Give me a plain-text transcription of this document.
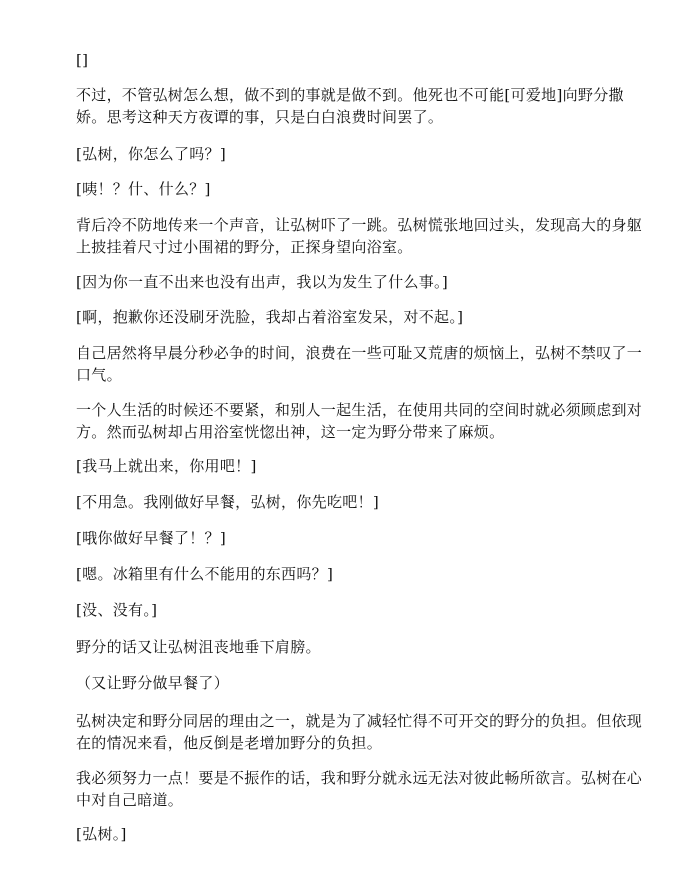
[]

不过，不管弘树怎么想，做不到的事就是做不到。他死也不可能[可爱地]向野分撒娇。思考这种天方夜谭的事，只是白白浪费时间罢了。

[弘树，你怎么了吗？]

[咦！？什、什么？]

背后冷不防地传来一个声音，让弘树吓了一跳。弘树慌张地回过头，发现高大的身躯上披挂着尺寸过小围裙的野分，正探身望向浴室。

[因为你一直不出来也没有出声，我以为发生了什么事。]

[啊，抱歉你还没刷牙洗脸，我却占着浴室发呆，对不起。]

自己居然将早晨分秒必争的时间，浪费在一些可耻又荒唐的烦恼上，弘树不禁叹了一口气。

一个人生活的时候还不要紧，和别人一起生活，在使用共同的空间时就必须顾虑到对方。然而弘树却占用浴室恍惚出神，这一定为野分带来了麻烦。

[我马上就出来，你用吧！]

[不用急。我刚做好早餐，弘树，你先吃吧！]

[哦你做好早餐了！？]

[嗯。冰箱里有什么不能用的东西吗？]

[没、没有。]

野分的话又让弘树沮丧地垂下肩膀。

（又让野分做早餐了）

弘树决定和野分同居的理由之一，就是为了减轻忙得不可开交的野分的负担。但依现在的情况来看，他反倒是老增加野分的负担。

我必须努力一点！要是不振作的话，我和野分就永远无法对彼此畅所欲言。弘树在心中对自己暗道。

[弘树。]
